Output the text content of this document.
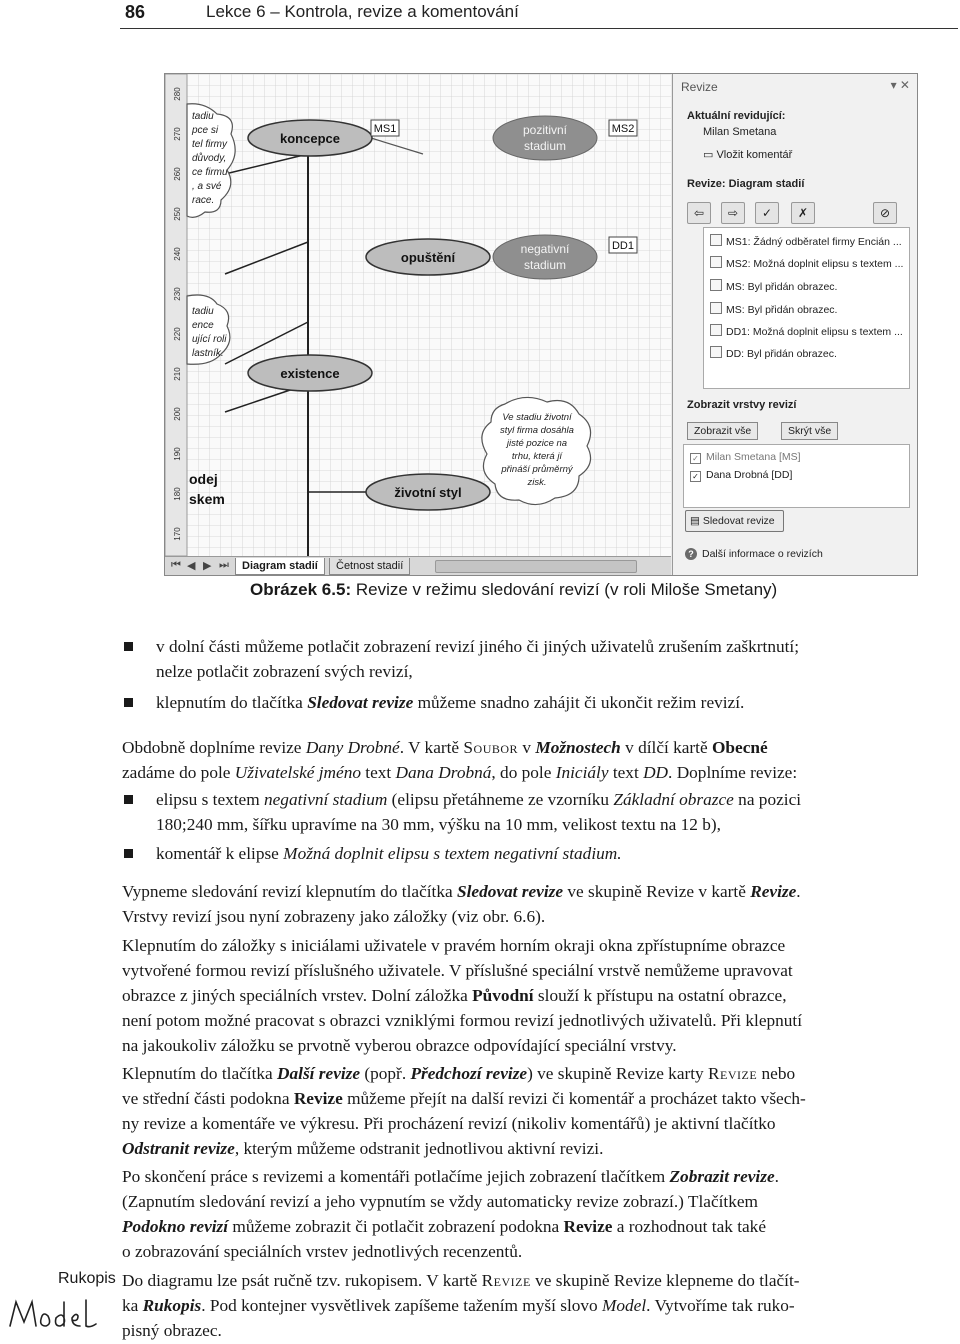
86	Lekce 6 – Kontrola, revize a komentování
280
270
260
250
240
230
220
210
200
190
180
170
MS1	MS2
DD1
koncepce
opuštění
existence
životní styl
pozitivní
stadium
negativní
stadium
tadiu
pce si
tel firmy
důvody,
ce firmu
, a své
race.
tadiu
ence
ující roli
lastník.
Ve stadiu životní
styl firma dosáhla
jisté pozice na
trhu, která jí
přináší průměrný
zisk.
odej
skem
⏮ ◀ ▶ ⏭	Diagram stadií	Četnost stadií
Revize	▾ ✕
Aktuální revidující:
Milan Smetana
▭ Vložit komentář
Revize: Diagram stadií
⇦	⇨	✓	✗	⊘
MS1: Žádný odběratel firmy Encián ...
MS2: Možná doplnit elipsu s textem ...
MS: Byl přidán obrazec.
MS: Byl přidán obrazec.
DD1: Možná doplnit elipsu s textem ...
DD: Byl přidán obrazec.
Zobrazit vrstvy revizí
Zobrazit vše	Skrýt vše
✓ Milan Smetana [MS]
✓ Dana Drobná [DD]
▤ Sledovat revize
? Další informace o revizích
Obrázek 6.5: Revize v režimu sledování revizí (v roli Miloše Smetany)
v dolní části můžeme potlačit zobrazení revizí jiného či jiných uživatelů zrušením zaškrtnutí;
nelze potlačit zobrazení svých revizí,
klepnutím do tlačítka Sledovat revize můžeme snadno zahájit či ukončit režim revizí.
Obdobně doplníme revize Dany Drobné. V kartě Soubor v Možnostech v dílčí kartě Obecné
zadáme do pole Uživatelské jméno text Dana Drobná, do pole Iniciály text DD. Doplníme revize:
elipsu s textem negativní stadium (elipsu přetáhneme ze vzorníku Základní obrazce na pozici
180;240 mm, šířku upravíme na 30 mm, výšku na 10 mm, velikost textu na 12 b),
komentář k elipse Možná doplnit elipsu s textem negativní stadium.
Vypneme sledování revizí klepnutím do tlačítka Sledovat revize ve skupině Revize v kartě Revize.
Vrstvy revizí jsou nyní zobrazeny jako záložky (viz obr. 6.6).
Klepnutím do záložky s iniciálami uživatele v pravém horním okraji okna zpřístupníme obrazce
vytvořené formou revizí příslušného uživatele. V příslušné speciální vrstvě nemůžeme upravovat
obrazce z jiných speciálních vrstev. Dolní záložka Původní slouží k přístupu na ostatní obrazce,
není potom možné pracovat s obrazci vzniklými formou revizí jednotlivých uživatelů. Při klepnutí
na jakoukoliv záložku se prvotně vyberou obrazce odpovídající speciální vrstvy.
Klepnutím do tlačítka Další revize (popř. Předchozí revize) ve skupině Revize karty Revize nebo
ve střední části podokna Revize můžeme přejít na další revizi či komentář a procházet takto všech-
ny revize a komentáře ve výkresu. Při procházení revizí (nikoliv komentářů) je aktivní tlačítko
Odstranit revize, kterým můžeme odstranit jednotlivou aktivní revizi.
Po skončení práce s revizemi a komentáři potlačíme jejich zobrazení tlačítkem Zobrazit revize.
(Zapnutím sledování revizí a jeho vypnutím se vždy automaticky revize zobrazí.) Tlačítkem
Podokno revizí můžeme zobrazit či potlačit zobrazení podokna Revize a rozhodnout tak také
o zobrazování speciálních vrstev jednotlivých recenzentů.
Do diagramu lze psát ručně tzv. rukopisem. V kartě Revize ve skupině Revize klepneme do tlačít-
ka Rukopis. Pod kontejner vysvětlivek zapíšeme tažením myší slovo Model. Vytvoříme tak ruko-
pisný obrazec.
Rukopis
